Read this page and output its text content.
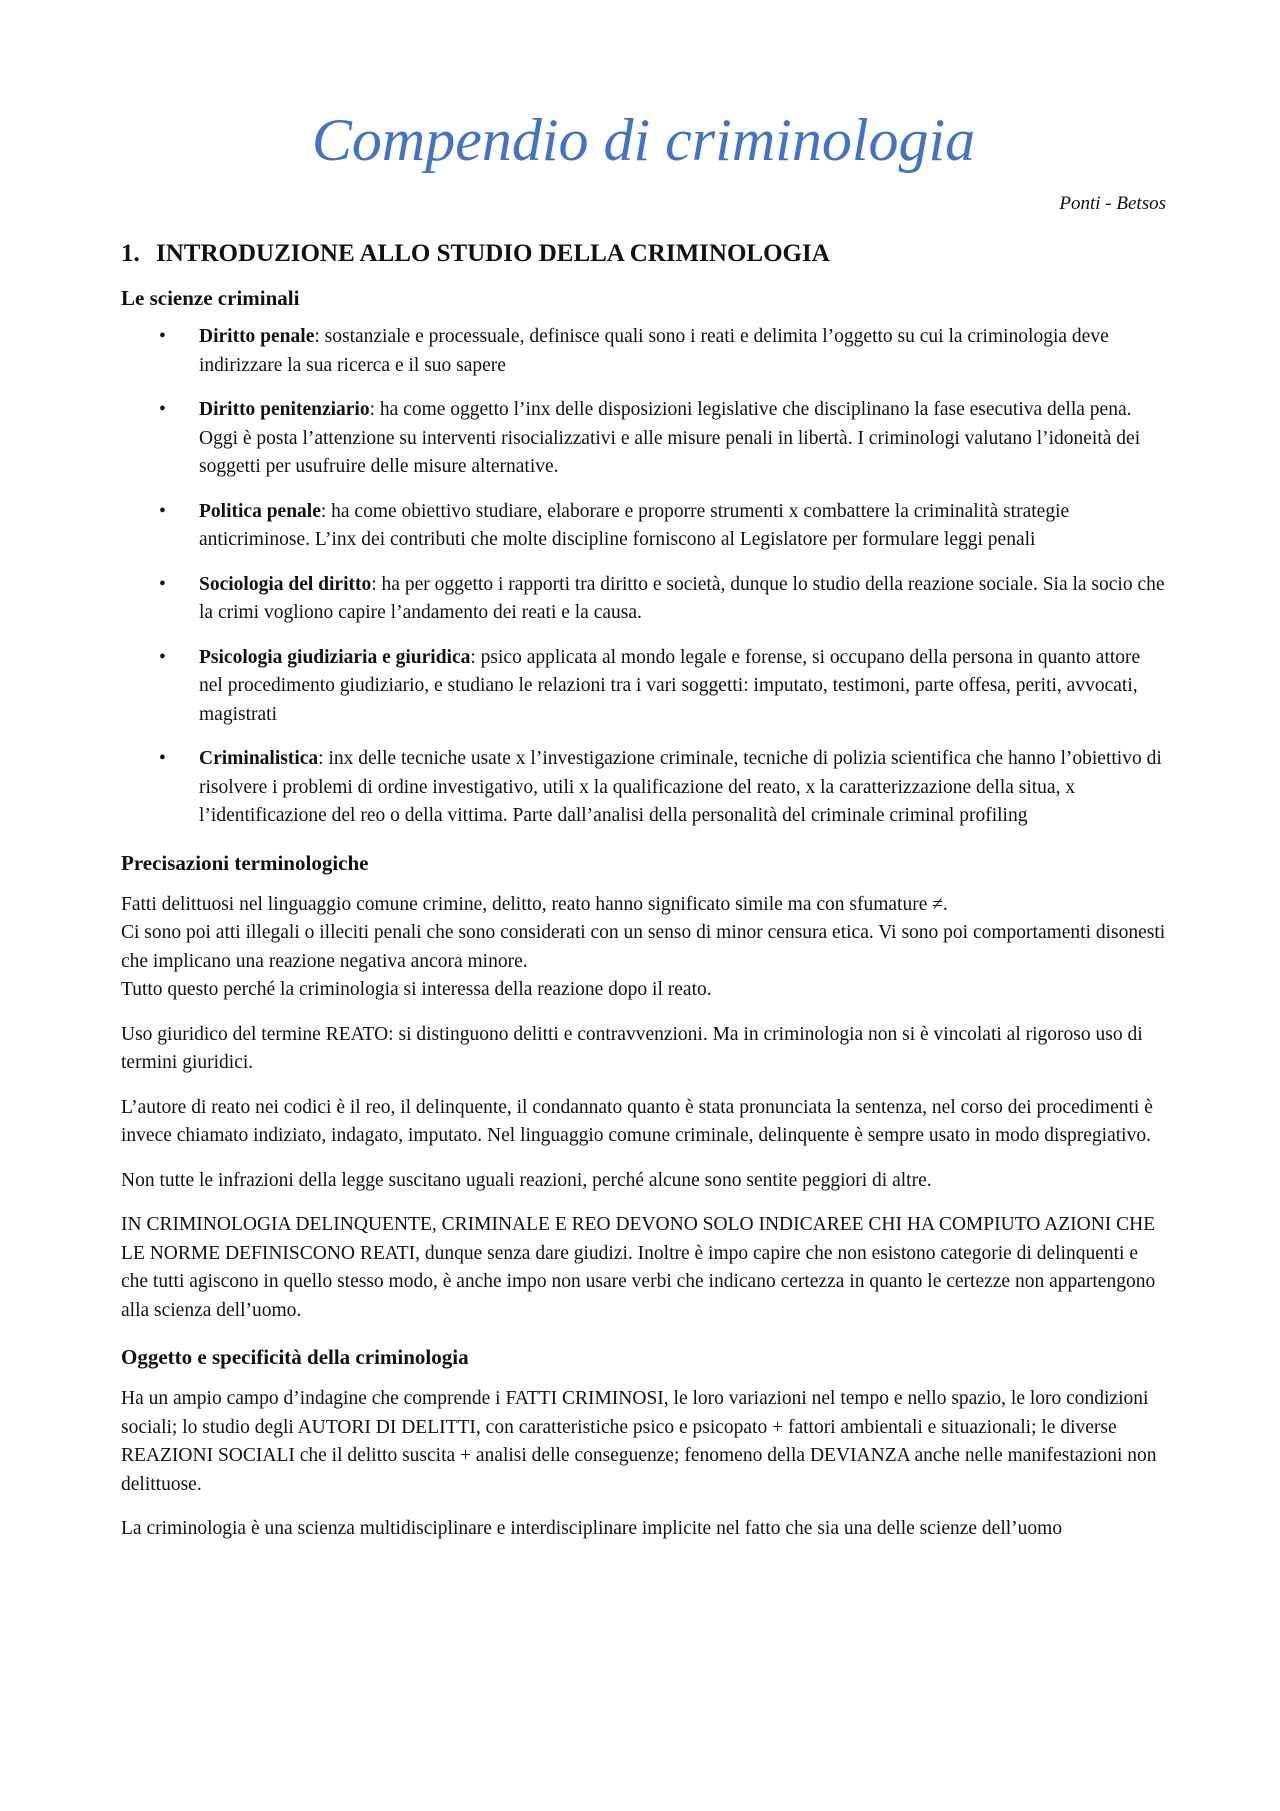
Compendio di criminologia
Ponti - Betsos
1. INTRODUZIONE ALLO STUDIO DELLA CRIMINOLOGIA
Le scienze criminali
• Diritto penale: sostanziale e processuale, definisce quali sono i reati e delimita l’oggetto su cui la criminologia deve indirizzare la sua ricerca e il suo sapere
• Diritto penitenziario: ha come oggetto l’inx delle disposizioni legislative che disciplinano la fase esecutiva della pena. Oggi è posta l’attenzione su interventi risocializzativi e alle misure penali in libertà. I criminologi valutano l’idoneità dei soggetti per usufruire delle misure alternative.
• Politica penale: ha come obiettivo studiare, elaborare e proporre strumenti x combattere la criminalità strategie anticriminose. L’inx dei contributi che molte discipline forniscono al Legislatore per formulare leggi penali
• Sociologia del diritto: ha per oggetto i rapporti tra diritto e società, dunque lo studio della reazione sociale. Sia la socio che la crimi vogliono capire l’andamento dei reati e la causa.
• Psicologia giudiziaria e giuridica: psico applicata al mondo legale e forense, si occupano della persona in quanto attore nel procedimento giudiziario, e studiano le relazioni tra i vari soggetti: imputato, testimoni, parte offesa, periti, avvocati, magistrati
• Criminalistica: inx delle tecniche usate x l’investigazione criminale, tecniche di polizia scientifica che hanno l’obiettivo di risolvere i problemi di ordine investigativo, utili x la qualificazione del reato, x la caratterizzazione della situa, x l’identificazione del reo o della vittima. Parte dall’analisi della personalità del criminale criminal profiling
Precisazioni terminologiche

Fatti delittuosi nel linguaggio comune crimine, delitto, reato hanno significato simile ma con sfumature ≠.
Ci sono poi atti illegali o illeciti penali che sono considerati con un senso di minor censura etica. Vi sono poi comportamenti disonesti che implicano una reazione negativa ancora minore.
Tutto questo perché la criminologia si interessa della reazione dopo il reato.

Uso giuridico del termine REATO: si distinguono delitti e contravvenzioni. Ma in criminologia non si è vincolati al rigoroso uso di termini giuridici.

L’autore di reato nei codici è il reo, il delinquente, il condannato quanto è stata pronunciata la sentenza, nel corso dei procedimenti è invece chiamato indiziato, indagato, imputato. Nel linguaggio comune criminale, delinquente è sempre usato in modo dispregiativo.

Non tutte le infrazioni della legge suscitano uguali reazioni, perché alcune sono sentite peggiori di altre.

IN CRIMINOLOGIA DELINQUENTE, CRIMINALE E REO DEVONO SOLO INDICAREE CHI HA COMPIUTO AZIONI CHE LE NORME DEFINISCONO REATI, dunque senza dare giudizi. Inoltre è impo capire che non esistono categorie di delinquenti e che tutti agiscono in quello stesso modo, è anche impo non usare verbi che indicano certezza in quanto le certezze non appartengono alla scienza dell’uomo.

Oggetto e specificità della criminologia

Ha un ampio campo d’indagine che comprende i FATTI CRIMINOSI, le loro variazioni nel tempo e nello spazio, le loro condizioni sociali; lo studio degli AUTORI DI DELITTI, con caratteristiche psico e psicopato + fattori ambientali e situazionali; le diverse REAZIONI SOCIALI che il delitto suscita + analisi delle conseguenze; fenomeno della DEVIANZA anche nelle manifestazioni non delittuose.

La criminologia è una scienza multidisciplinare e interdisciplinare implicite nel fatto che sia una delle scienze dell’uomo
